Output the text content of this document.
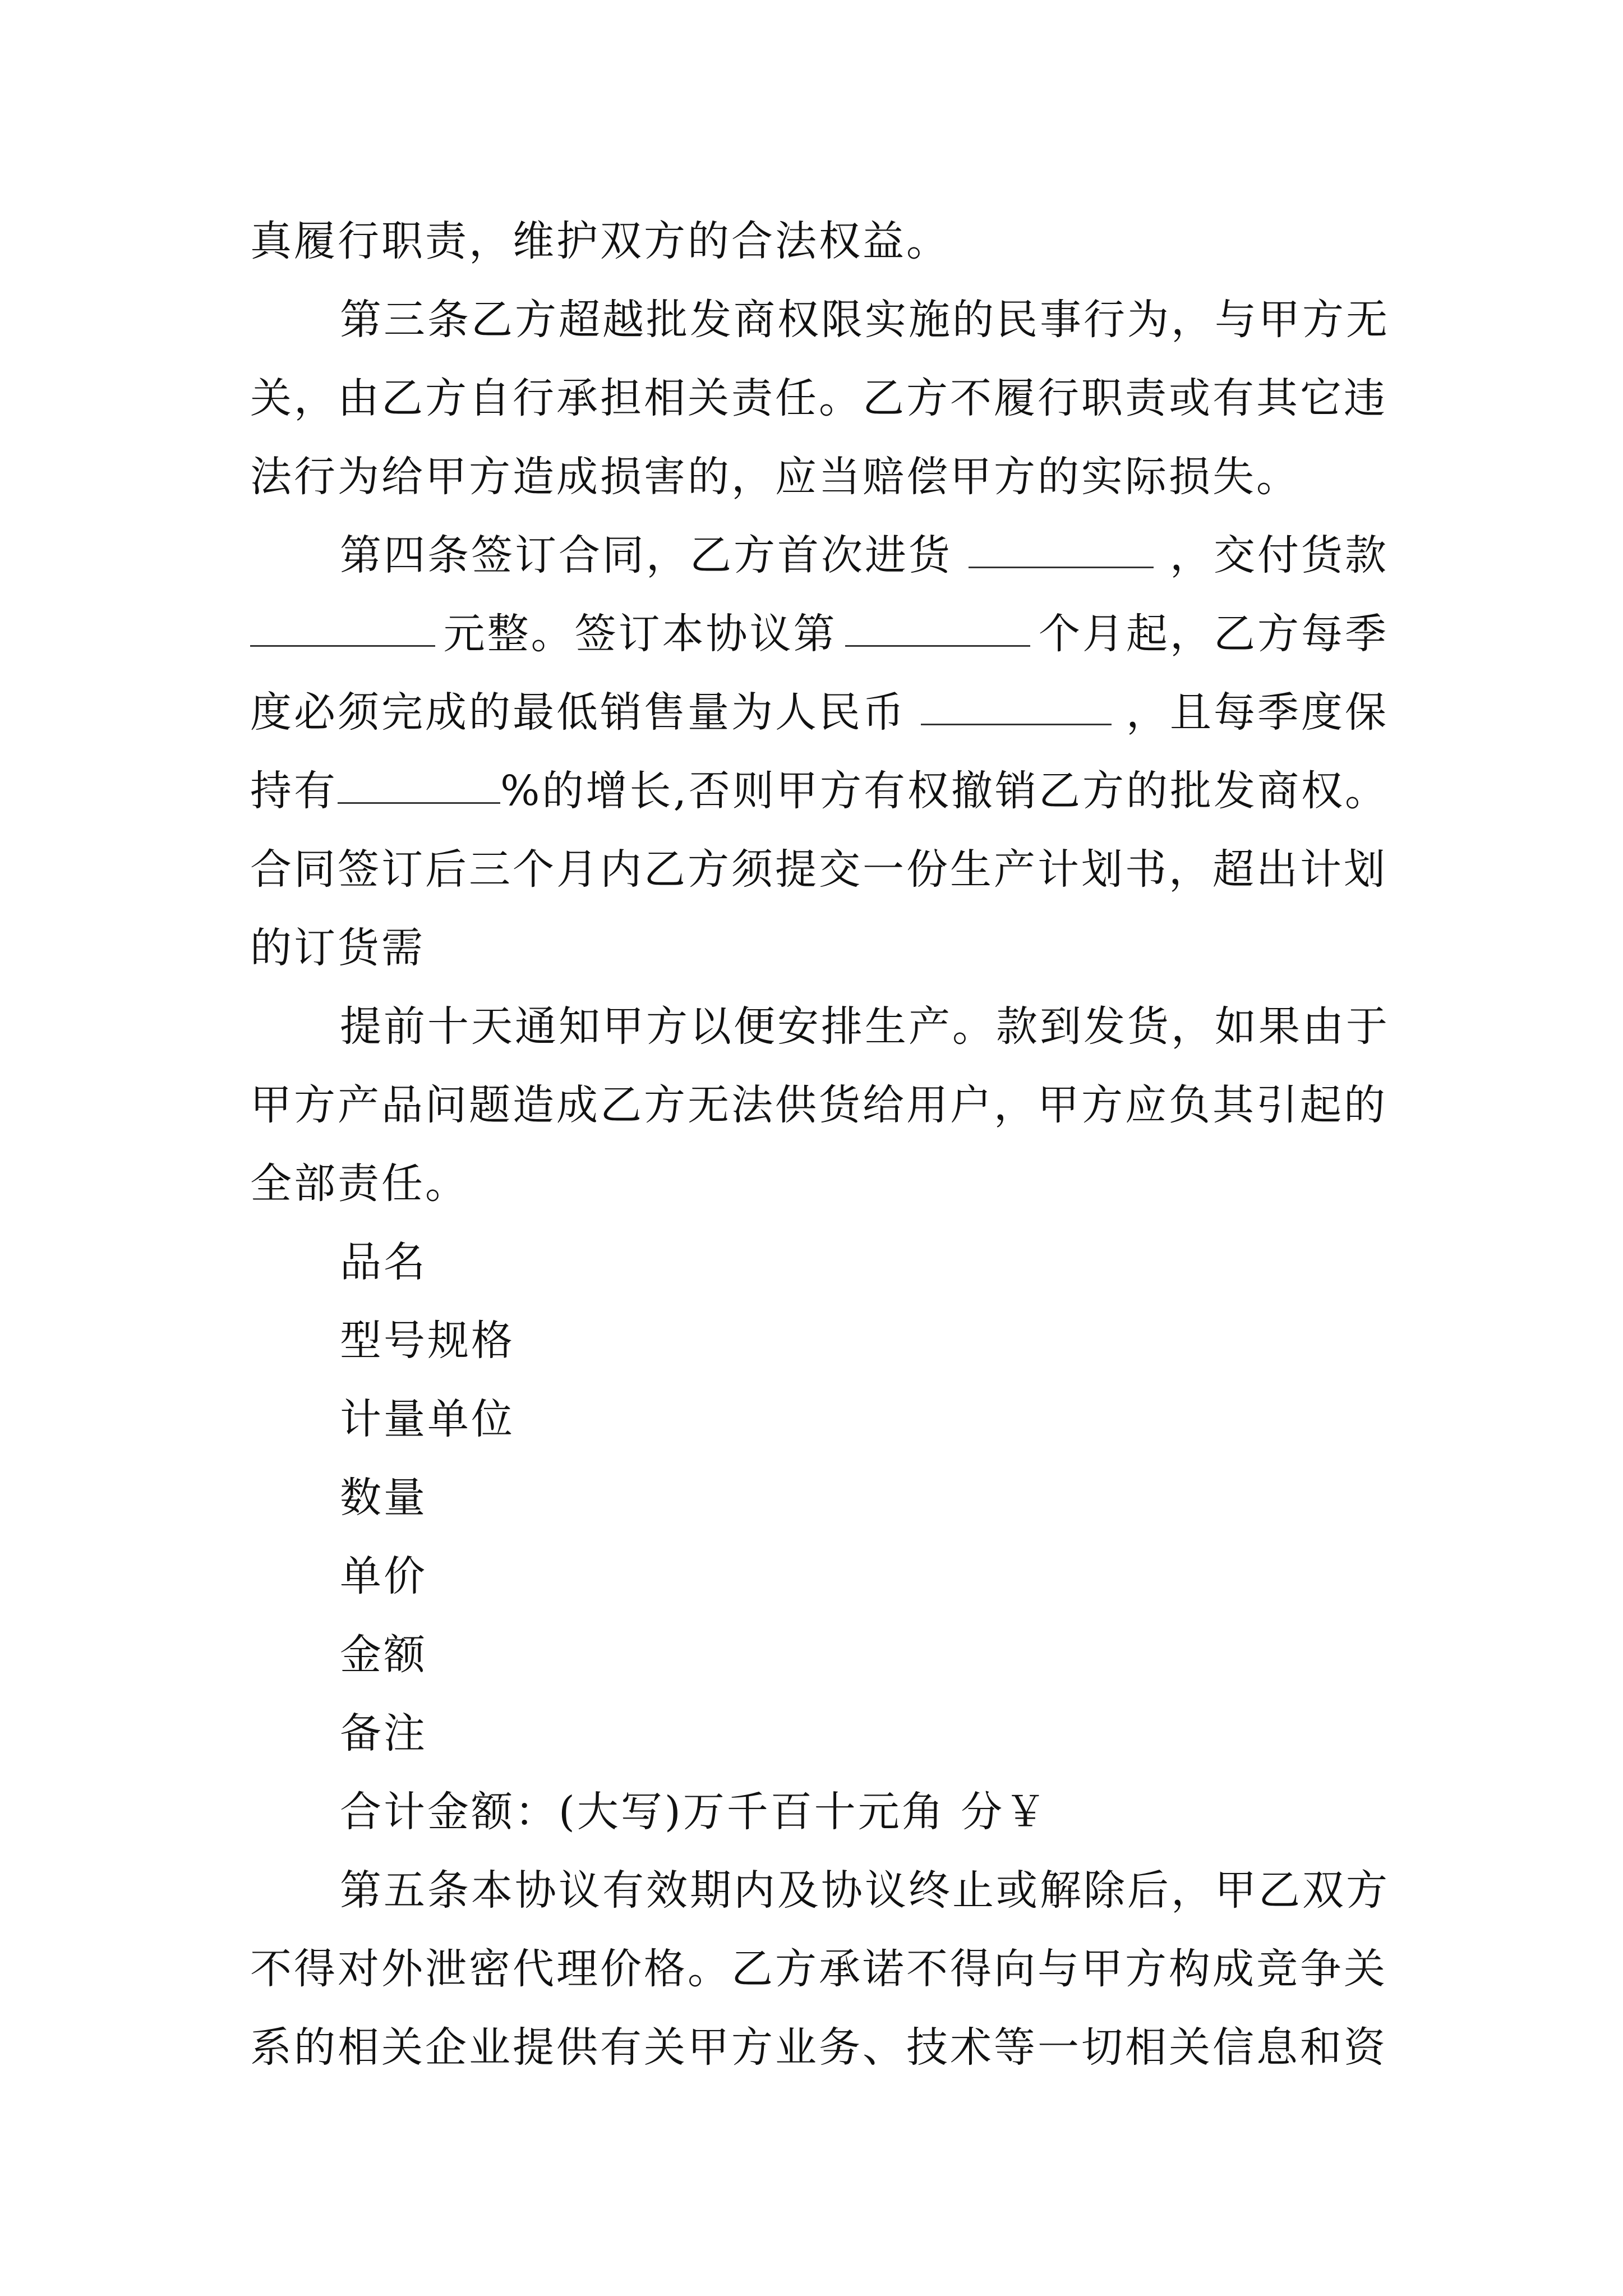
真履行职责，维护双方的合法权益。
第三条乙方超越批发商权限实施的民事行为，与甲方无
关，由乙方自行承担相关责任。乙方不履行职责或有其它违
法行为给甲方造成损害的，应当赔偿甲方的实际损失。
第四条签订合同，乙方首次进货	，交付货款
元整。签订本协议第	个月起，乙方每季
度必须完成的最低销售量为人民币	，且每季度保
持有	%的增长,否则甲方有权撤销乙方的批发商权。
合同签订后三个月内乙方须提交一份生产计划书，超出计划
的订货需
提前十天通知甲方以便安排生产。款到发货，如果由于
甲方产品问题造成乙方无法供货给用户，甲方应负其引起的
全部责任。
品名
型号规格
计量单位
数量
单价
金额
备注
合计金额：(大写)万千百十元角 分￥
第五条本协议有效期内及协议终止或解除后，甲乙双方
不得对外泄密代理价格。乙方承诺不得向与甲方构成竞争关
系的相关企业提供有关甲方业务、技术等一切相关信息和资
